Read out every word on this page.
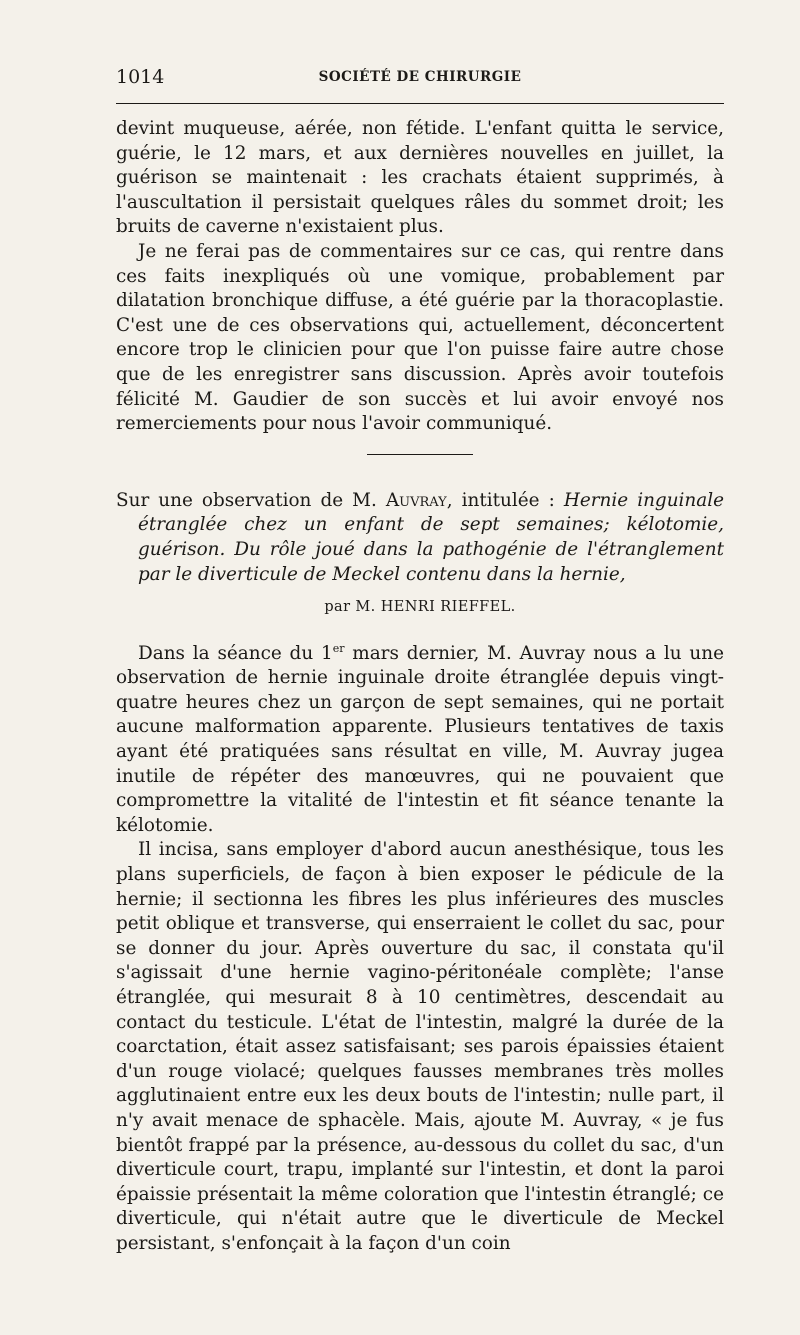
1014	SOCIÉTÉ DE CHIRURGIE

devint muqueuse, aérée, non fétide. L'enfant quitta le service, guérie, le 12 mars, et aux dernières nouvelles en juillet, la guérison se maintenait : les crachats étaient supprimés, à l'auscultation il persistait quelques râles du sommet droit; les bruits de caverne n'existaient plus.

Je ne ferai pas de commentaires sur ce cas, qui rentre dans ces faits inexpliqués où une vomique, probablement par dilatation bronchique diffuse, a été guérie par la thoracoplastie. C'est une de ces observations qui, actuellement, déconcertent encore trop le clinicien pour que l'on puisse faire autre chose que de les enregistrer sans discussion. Après avoir toutefois félicité M. Gaudier de son succès et lui avoir envoyé nos remerciements pour nous l'avoir communiqué.

Sur une observation de M. Auvray, intitulée : Hernie inguinale étranglée chez un enfant de sept semaines; kélotomie, guérison. Du rôle joué dans la pathogénie de l'étranglement par le diverticule de Meckel contenu dans la hernie,
par M. HENRI RIEFFEL.

Dans la séance du 1er mars dernier, M. Auvray nous a lu une observation de hernie inguinale droite étranglée depuis vingt-quatre heures chez un garçon de sept semaines, qui ne portait aucune malformation apparente. Plusieurs tentatives de taxis ayant été pratiquées sans résultat en ville, M. Auvray jugea inutile de répéter des manœuvres, qui ne pouvaient que compromettre la vitalité de l'intestin et fit séance tenante la kélotomie.

Il incisa, sans employer d'abord aucun anesthésique, tous les plans superficiels, de façon à bien exposer le pédicule de la hernie; il sectionna les fibres les plus inférieures des muscles petit oblique et transverse, qui enserraient le collet du sac, pour se donner du jour. Après ouverture du sac, il constata qu'il s'agissait d'une hernie vagino-péritonéale complète; l'anse étranglée, qui mesurait 8 à 10 centimètres, descendait au contact du testicule. L'état de l'intestin, malgré la durée de la coarctation, était assez satisfaisant; ses parois épaissies étaient d'un rouge violacé; quelques fausses membranes très molles agglutinaient entre eux les deux bouts de l'intestin; nulle part, il n'y avait menace de sphacèle. Mais, ajoute M. Auvray, « je fus bientôt frappé par la présence, au-dessous du collet du sac, d'un diverticule court, trapu, implanté sur l'intestin, et dont la paroi épaissie présentait la même coloration que l'intestin étranglé; ce diverticule, qui n'était autre que le diverticule de Meckel persistant, s'enfonçait à la façon d'un coin
